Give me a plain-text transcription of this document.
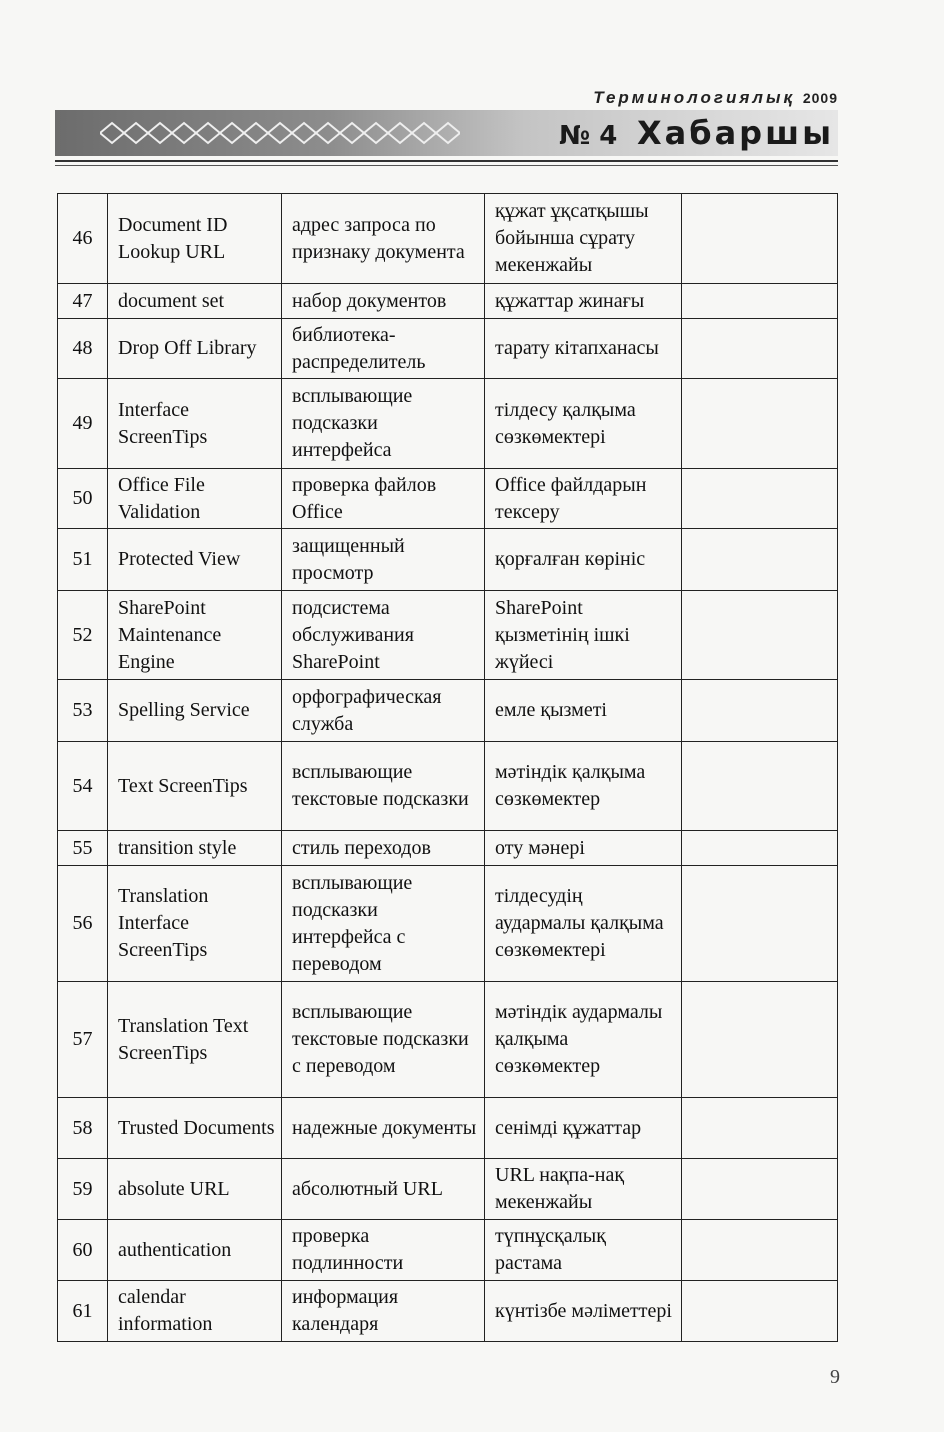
Терминологиялық 2009
№ 4 Хабаршы
46	Document ID Lookup URL	адрес запроса по признаку документа	құжат ұқсатқышы бойынша сұрату мекенжайы	
47	document set	набор документов	құжаттар жинағы	
48	Drop Off Library	библиотека-распределитель	тарату кітапханасы	
49	Interface ScreenTips	всплывающие подсказки интерфейса	тілдесу қалқыма сөзкөмектері	
50	Office File Validation	проверка файлов Office	Office файлдарын тексеру	
51	Protected View	защищенный просмотр	қорғалған көрініс	
52	SharePoint Maintenance Engine	подсистема обслуживания SharePoint	SharePoint қызметінің ішкі жүйесі	
53	Spelling Service	орфографическая служба	емле қызметі	
54	Text ScreenTips	всплывающие текстовые подсказки	мәтіндік қалқыма сөзкөмектер	
55	transition style	стиль переходов	оту мәнері	
56	Translation Interface ScreenTips	всплывающие подсказки интерфейса с переводом	тілдесудің аудармалы қалқыма сөзкөмектері	
57	Translation Text ScreenTips	всплывающие текстовые подсказки с переводом	мәтіндік аудармалы қалқыма сөзкөмектер	
58	Trusted Documents	надежные документы	сенімді құжаттар	
59	absolute URL	абсолютный URL	URL нақпа-нақ мекенжайы	
60	authentication	проверка подлинности	түпнұсқалық растама	
61	calendar information	информация календаря	күнтізбе мәліметтері	
9
